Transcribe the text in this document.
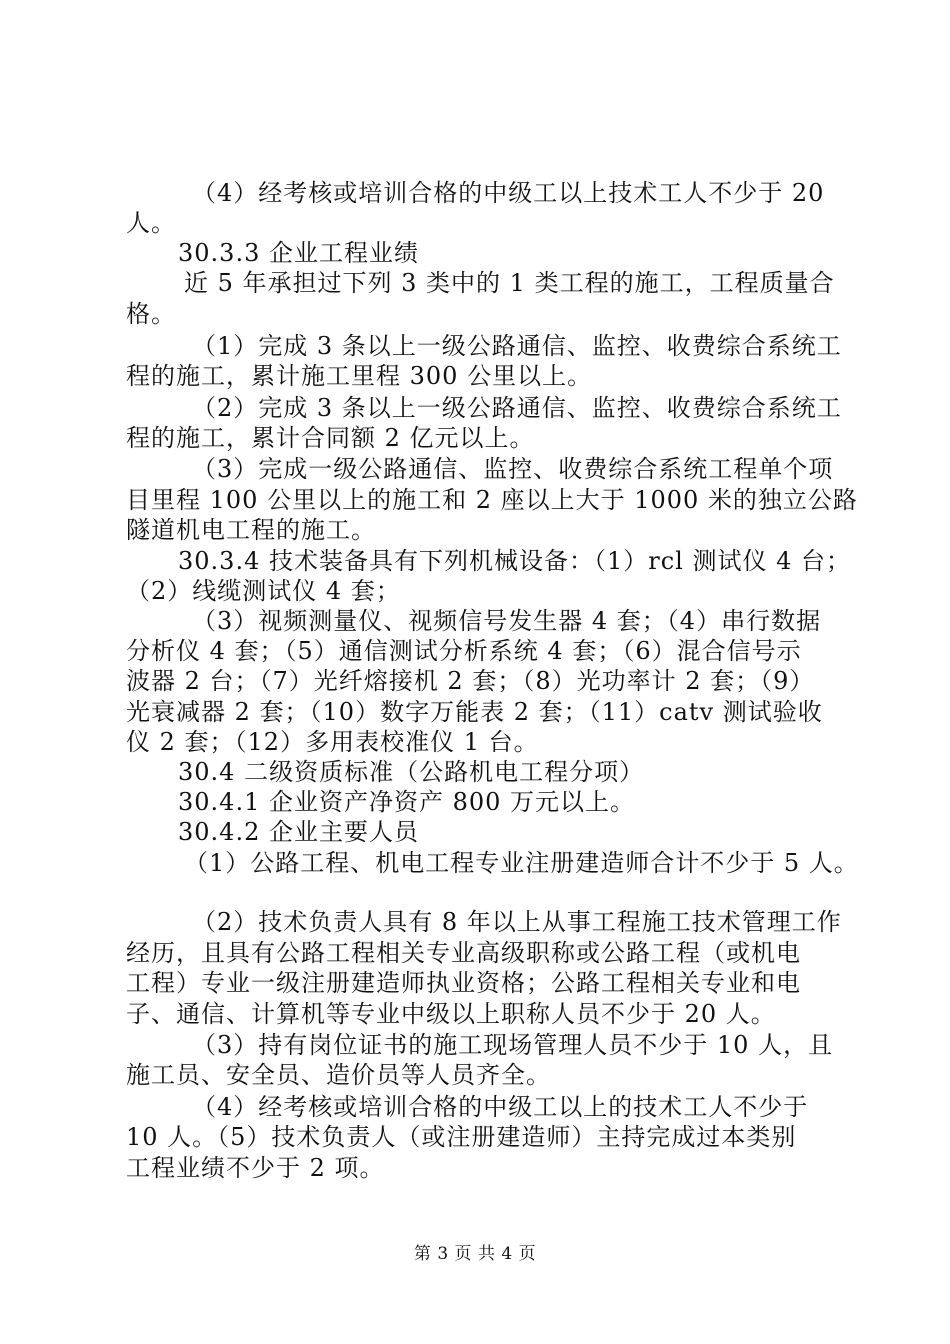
（4）经考核或培训合格的中级工以上技术工人不少于 20
人。
30.3.3 企业工程业绩
近 5 年承担过下列 3 类中的 1 类工程的施工，工程质量合
格。
（1）完成 3 条以上一级公路通信、监控、收费综合系统工
程的施工，累计施工里程 300 公里以上。
（2）完成 3 条以上一级公路通信、监控、收费综合系统工
程的施工，累计合同额 2 亿元以上。
（3）完成一级公路通信、监控、收费综合系统工程单个项
目里程 100 公里以上的施工和 2 座以上大于 1000 米的独立公路
隧道机电工程的施工。
30.3.4 技术装备具有下列机械设备：（1）rcl 测试仪 4 台；
（2）线缆测试仪 4 套；
（3）视频测量仪、视频信号发生器 4 套；（4）串行数据
分析仪 4 套；（5）通信测试分析系统 4 套；（6）混合信号示
波器 2 台；（7）光纤熔接机 2 套；（8）光功率计 2 套；（9）
光衰减器 2 套；（10）数字万能表 2 套；（11）catv 测试验收
仪 2 套；（12）多用表校准仪 1 台。
30.4 二级资质标准（公路机电工程分项）
30.4.1 企业资产净资产 800 万元以上。
30.4.2 企业主要人员
（1）公路工程、机电工程专业注册建造师合计不少于 5 人。
（2）技术负责人具有 8 年以上从事工程施工技术管理工作
经历，且具有公路工程相关专业高级职称或公路工程（或机电
工程）专业一级注册建造师执业资格；公路工程相关专业和电
子、通信、计算机等专业中级以上职称人员不少于 20 人。
（3）持有岗位证书的施工现场管理人员不少于 10 人，且
施工员、安全员、造价员等人员齐全。
（4）经考核或培训合格的中级工以上的技术工人不少于
10 人。（5）技术负责人（或注册建造师）主持完成过本类别
工程业绩不少于 2 项。
第 3 页 共 4 页
